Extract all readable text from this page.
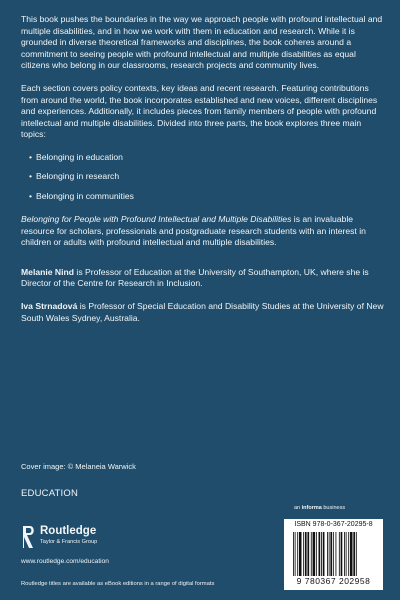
This book pushes the boundaries in the way we approach people with profound intellectual and multiple disabilities, and in how we work with them in education and research. While it is grounded in diverse theoretical frameworks and disciplines, the book coheres around a commitment to seeing people with profound intellectual and multiple disabilities as equal citizens who belong in our classrooms, research projects and community lives.

Each section covers policy contexts, key ideas and recent research. Featuring contributions from around the world, the book incorporates established and new voices, different disciplines and experiences. Additionally, it includes pieces from family members of people with profound intellectual and multiple disabilities. Divided into three parts, the book explores three main topics:

• Belonging in education
• Belonging in research
• Belonging in communities

Belonging for People with Profound Intellectual and Multiple Disabilities is an invaluable resource for scholars, professionals and postgraduate research students with an interest in children or adults with profound intellectual and multiple disabilities.

Melanie Nind is Professor of Education at the University of Southampton, UK, where she is Director of the Centre for Research in Inclusion.

Iva Strnadová is Professor of Special Education and Disability Studies at the University of New South Wales Sydney, Australia.

Cover image: © Melaneia Warwick
EDUCATION
an informa business
Routledge
Taylor & Francis Group
www.routledge.com/education
Routledge titles are available as eBook editions in a range of digital formats
ISBN 978-0-367-20295-8
9 780367 202958
